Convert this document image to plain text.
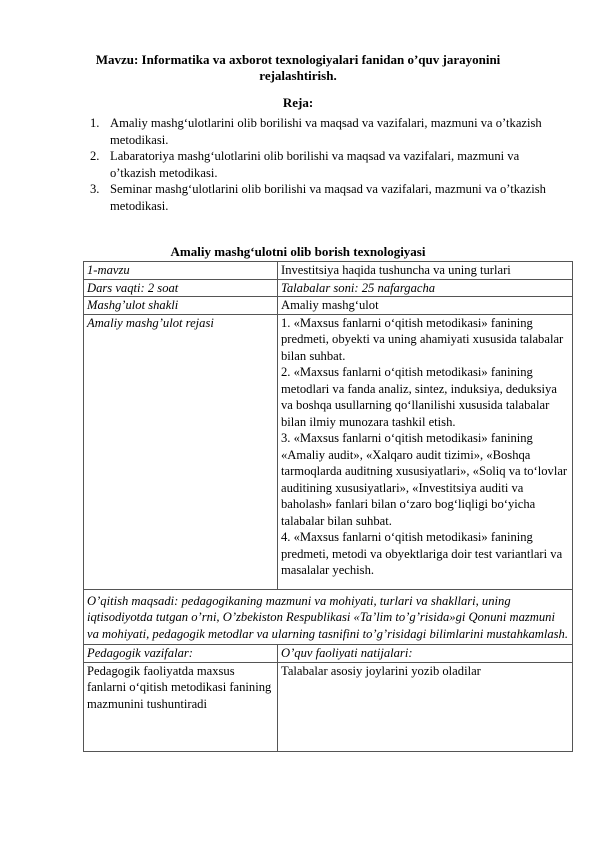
Mavzu: Informatika va axborot texnologiyalari fanidan o’quv jarayonini rejalashtirish.
Reja:

1. Amaliy mashg‘ulotlarini olib borilishi va maqsad va vazifalari, mazmuni va o’tkazish metodikasi.

2. Labaratoriya mashg‘ulotlarini olib borilishi va maqsad va vazifalari, mazmuni va o’tkazish metodikasi.

3. Seminar mashg‘ulotlarini olib borilishi va maqsad va vazifalari, mazmuni va o’tkazish metodikasi.

Amaliy mashg‘ulotni olib borish texnologiyasi
1-mavzu	Investitsiya haqida tushuncha va uning turlari
Dars vaqti: 2 soat	Talabalar soni: 25 nafargacha
Mashg’ulot shakli	Amaliy mashg‘ulot
Amaliy mashg’ulot rejasi	1. «Maxsus fanlarni o‘qitish metodikasi» fanining predmeti, obyekti va uning ahamiyati xususida talabalar bilan suhbat.
2. «Maxsus fanlarni o‘qitish metodikasi» fanining metodlari va fanda analiz, sintez, induksiya, deduksiya va boshqa usullarning qo‘llanilishi xususida talabalar bilan ilmiy munozara tashkil etish.
3. «Maxsus fanlarni o‘qitish metodikasi» fanining «Amaliy audit», «Xalqaro audit tizimi», «Boshqa tarmoqlarda auditning xususiyatlari», «Soliq va to‘lovlar auditining xususiyatlari», «Investitsiya auditi va baholash» fanlari bilan o‘zaro bog‘liqligi bo‘yicha talabalar bilan suhbat.
4. «Maxsus fanlarni o‘qitish metodikasi» fanining predmeti, metodi va obyektlariga doir test variantlari va masalalar yechish.

O’qitish maqsadi: pedagogikaning mazmuni va mohiyati, turlari va shakllari, uning iqtisodiyotda tutgan o’rni, O’zbekiston Respublikasi «Ta’lim to’g’risida»gi Qonuni mazmuni va mohiyati, pedagogik metodlar va ularning tasnifini to’g’risidagi bilimlarini mustahkamlash.	
Pedagogik vazifalar:	O’quv faoliyati natijalari:
Pedagogik faoliyatda maxsus fanlarni o‘qitish metodikasi fanining mazmunini tushuntiradi	Talabalar asosiy joylarini yozib oladilar
